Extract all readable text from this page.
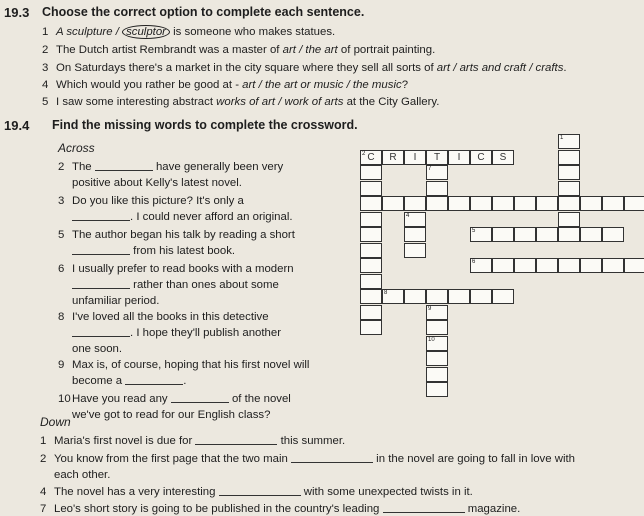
19.3 Choose the correct option to complete each sentence.
1 A sculpture / sculptor is someone who makes statues.
2 The Dutch artist Rembrandt was a master of art / the art of portrait painting.
3 On Saturdays there's a market in the city square where they sell all sorts of art / arts and craft / crafts.
4 Which would you rather be good at - art / the art or music / the music?
5 I saw some interesting abstract works of art / work of arts at the City Gallery.
19.4 Find the missing words to complete the crossword.
Across
2 The	have generally been very
positive about Kelly's latest novel.
3 Do you like this picture? It's only a
. I could never afford an original.
5 The author began his talk by reading a short
from his latest book.
6 I usually prefer to read books with a modern
rather than ones about some
unfamiliar period.
8 I've loved all the books in this detective
. I hope they'll publish another
one soon.
9 Max is, of course, hoping that his first novel will
become a	.
10Have you read any	of the novel
we've got to read for our English class?
Down
1 Maria's first novel is due for	this summer.
2 You know from the first page that the two main	in the novel are going to fall in love with
each other.
4 The novel has a very interesting	with some unexpected twists in it.
7 Leo's short story is going to be published in the country's leading	magazine.
2 C	R	I	T	I	C	S
1
4
5
6
7
8
9
10
